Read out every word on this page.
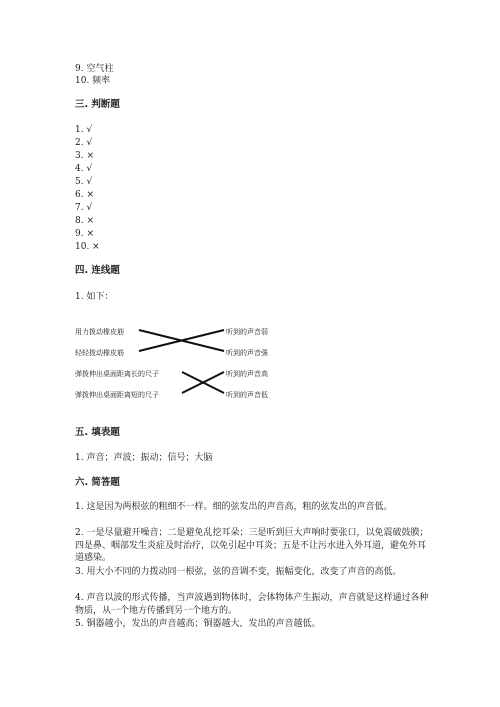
9. 空气柱
10. 频率
三. 判断题
1. √
2. √
3. ×
4. √
5. √
6. ×
7. √
8. ×
9. ×
10. ×
四. 连线题
1. 如下：
用力拨动橡皮筋
轻轻拨动橡皮筋
弹拨伸出桌面距离长的尺子
弹拨伸出桌面距离短的尺子
听到的声音弱
听到的声音强
听到的声音高
听到的声音低
五. 填表题
1. 声音；声波；振动；信号；大脑
六. 简答题
1. 这是因为两根弦的粗细不一样。细的弦发出的声音高，粗的弦发出的声音低。
2. 一是尽量避开噪音；二是避免乱挖耳朵；三是听到巨大声响时要张口，以免震破鼓膜；四是鼻、咽部发生炎症及时治疗，以免引起中耳炎；五是不让污水进入外耳道，避免外耳道感染。
3. 用大小不同的力拨动同一根弦，弦的音调不变，振幅变化，改变了声音的高低。
4. 声音以波的形式传播，当声波遇到物体时，会体物体产生振动，声音就是这样通过各种物质，从一个地方传播到另一个地方的。
5. 铜器越小，发出的声音越高；铜器越大，发出的声音越低。
